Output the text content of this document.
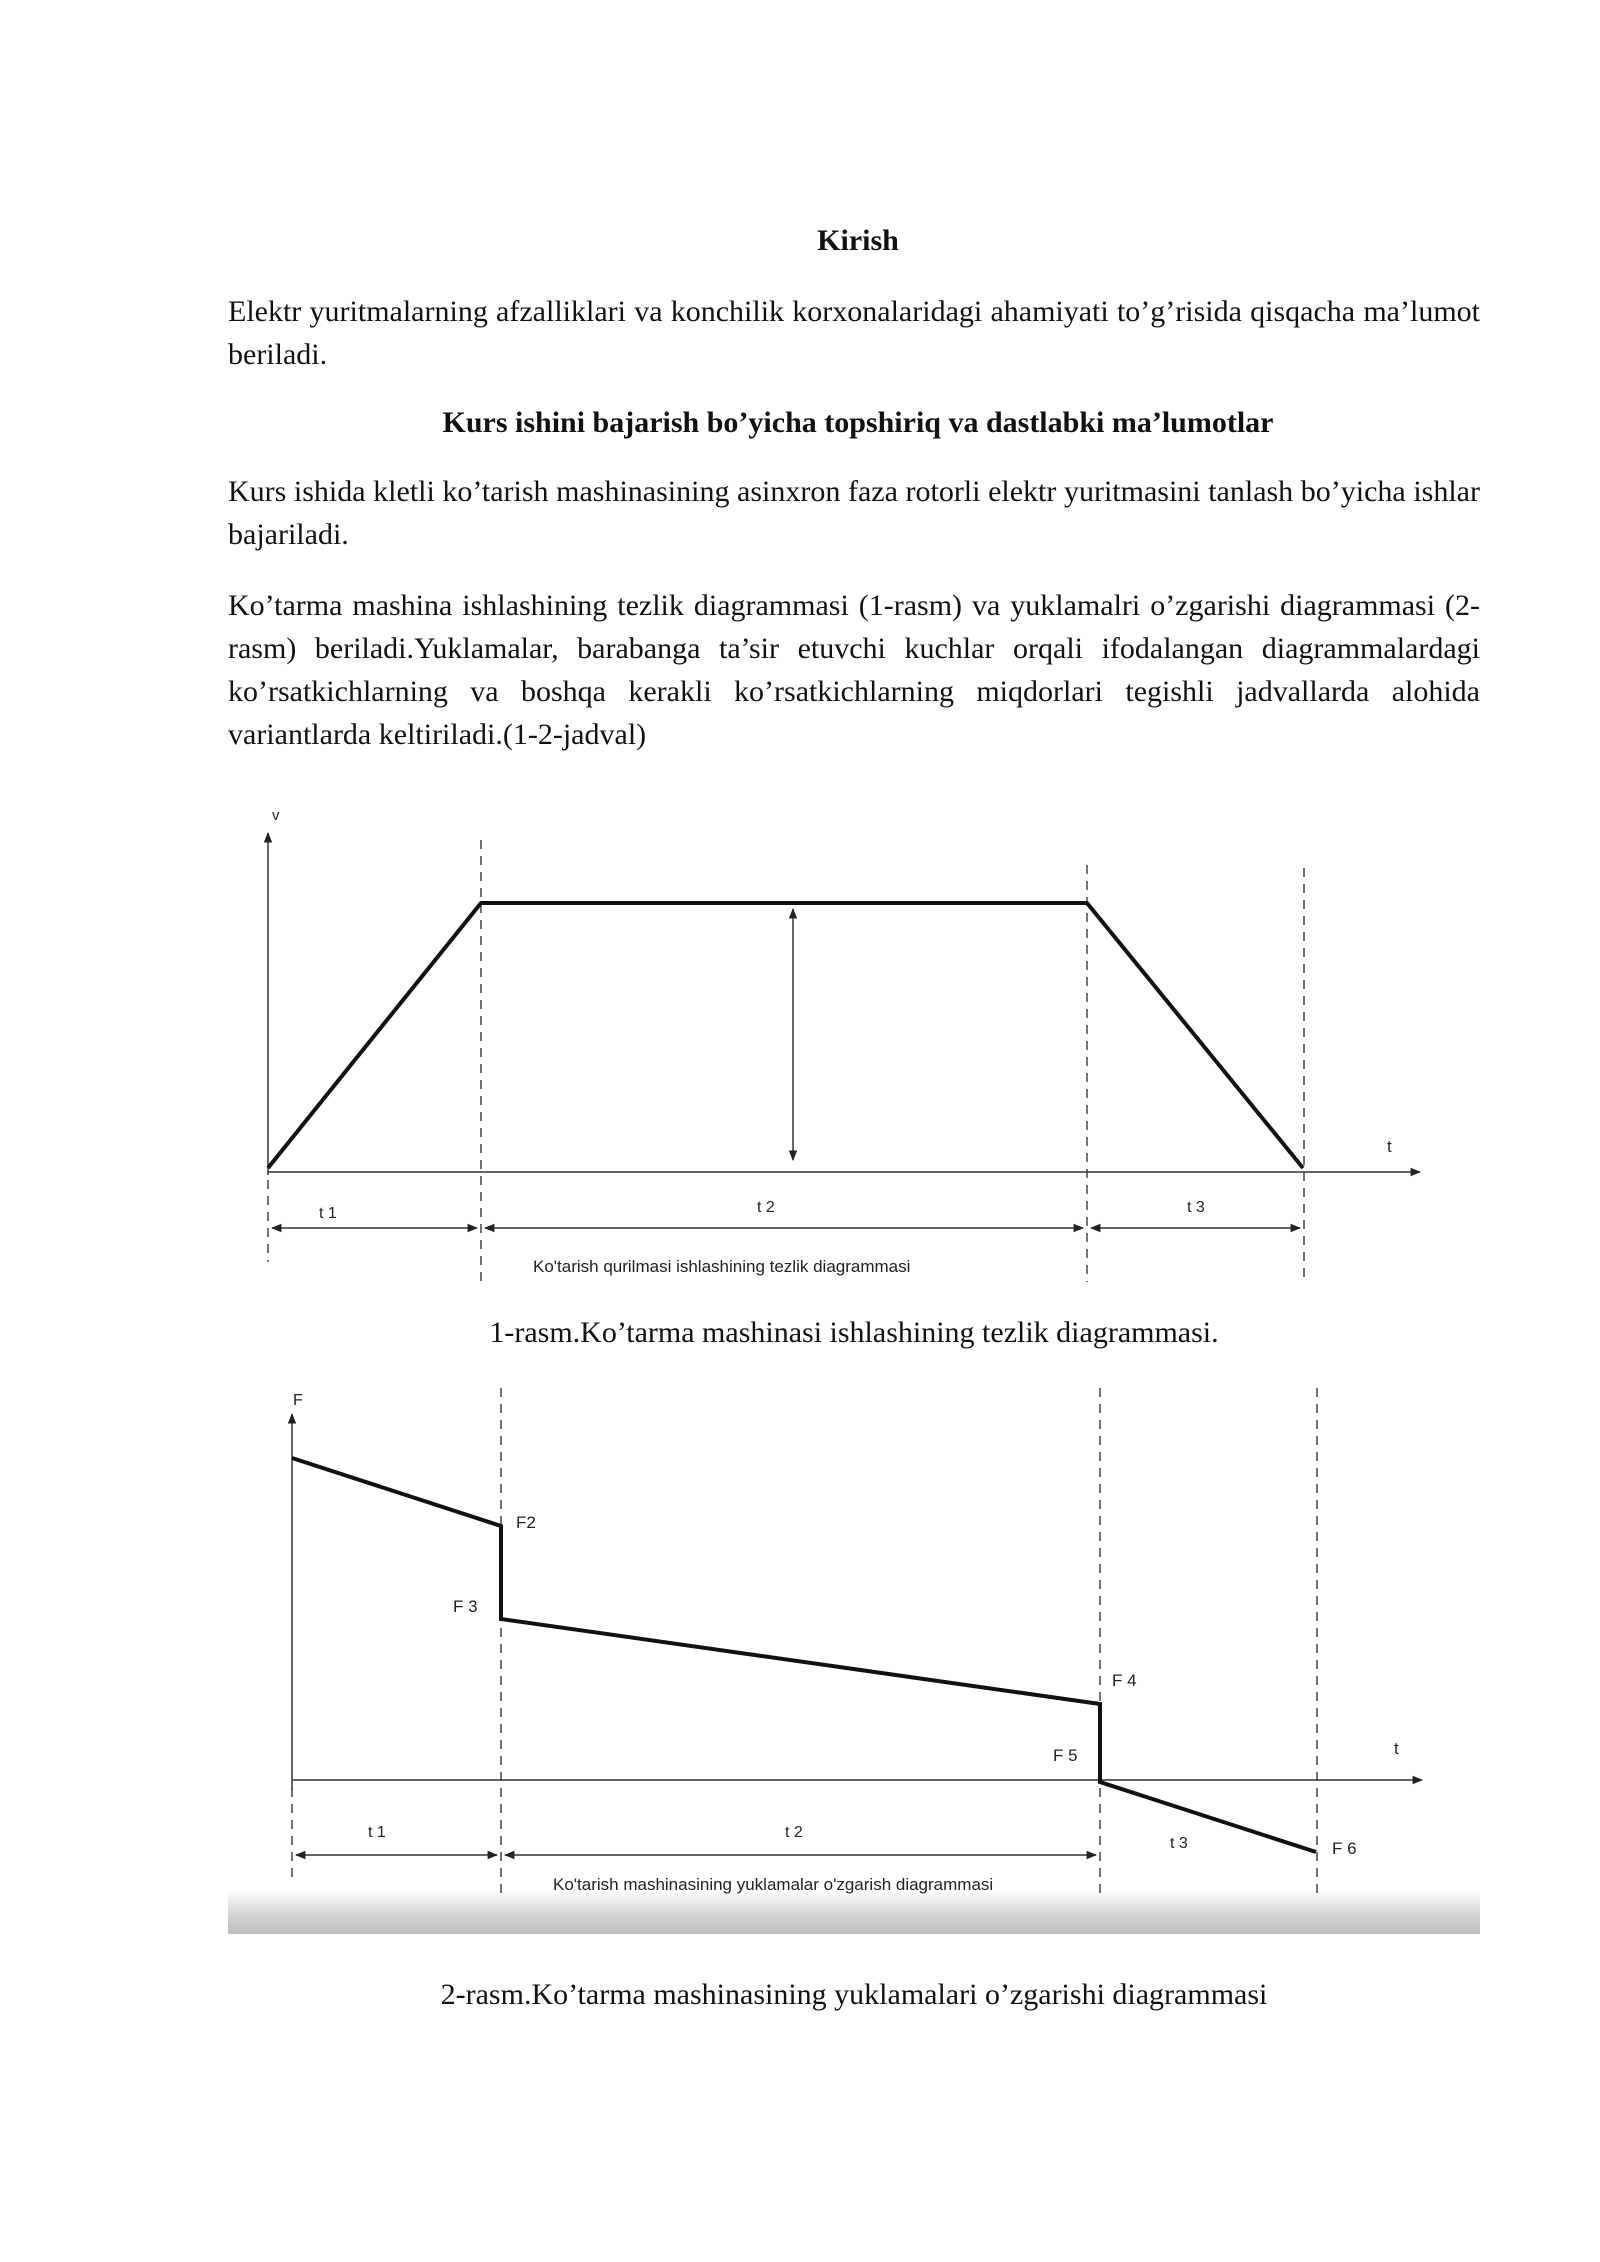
Kirish
Elektr yuritmalarning afzalliklari va konchilik korxonalaridagi ahamiyati to’g’risida qisqacha ma’lumot beriladi.
Kurs ishini bajarish bo’yicha topshiriq va dastlabki ma’lumotlar
Kurs ishida kletli ko’tarish mashinasining asinxron faza rotorli elektr yuritmasini tanlash bo’yicha ishlar bajariladi.
Ko’tarma mashina ishlashining tezlik diagrammasi (1-rasm) va yuklamalri o’zgarishi diagrammasi (2-rasm) beriladi.Yuklamalar, barabanga ta’sir etuvchi kuchlar orqali ifodalangan diagrammalardagi ko’rsatkichlarning va boshqa kerakli ko’rsatkichlarning miqdorlari tegishli jadvallarda alohida variantlarda keltiriladi.(1-2-jadval)
v
t
t 1	t 2	t 3
Ko'tarish qurilmasi ishlashining tezlik diagrammasi
1-rasm.Ko’tarma mashinasi ishlashining tezlik diagrammasi.
F
t
F2
F 3
F 4
F 5
F 6
t 1	t 2
t 3
Ko'tarish mashinasining yuklamalar o'zgarish diagrammasi
2-rasm.Ko’tarma mashinasining yuklamalari o’zgarishi diagrammasi
